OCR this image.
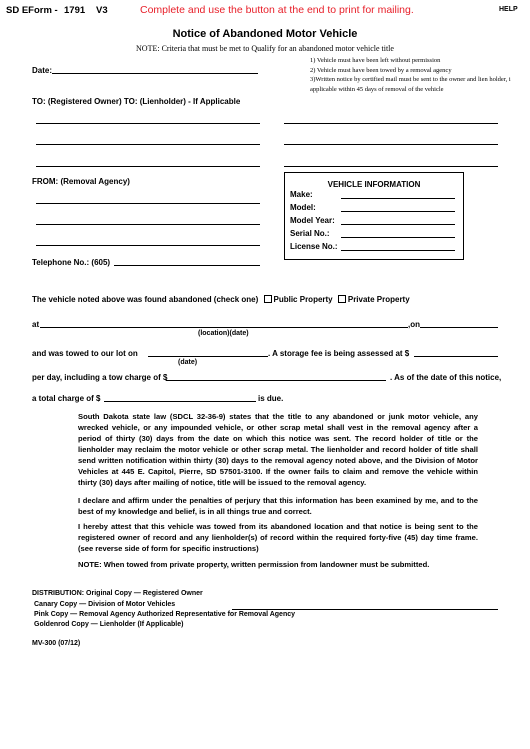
SD EForm - 1791 V3	Complete and use the button at the end to print for mailing.	HELP
Notice of Abandoned Motor Vehicle
NOTE: Criteria that must be met to Qualify for an abandoned motor vehicle title
1) Vehicle must have been left without permission
2) Vehicle must have been towed by a removal agency
3)Written notice by certified mail must be sent to the owner and lien holder, i
applicable within 45 days of removal of the vehicle
Date:
TO: (Registered Owner) TO: (Lienholder) - If Applicable
FROM: (Removal Agency)
Telephone No.: (605)
VEHICLE INFORMATION
Make:
Model:
Model Year:
Serial No.:
License No.:
The vehicle noted above was found abandoned (check one) Public Property Private Property
at	,on
(location)(date)
and was towed to our lot on	. A storage fee is being assessed at $
(date)
per day, including a tow charge of $	. As of the date of this notice,
a total charge of $	is due.
South Dakota state law (SDCL 32-36-9) states that the title to any abandoned or junk motor vehicle, any wrecked vehicle, or any impounded vehicle, or other scrap metal shall vest in the removal agency after a period of thirty (30) days from the date on which this notice was sent. The record holder of title or the lienholder may reclaim the motor vehicle or other scrap metal. The lienholder and record holder of title shall send written notification within thirty (30) days to the removal agency noted above, and the Division of Motor Vehicles at 445 E. Capitol, Pierre, SD 57501-3100. If the owner fails to claim and remove the vehicle within thirty (30) days after mailing of notice, title will be issued to the removal agency.
I declare and affirm under the penalties of perjury that this information has been examined by me, and to the best of my knowledge and belief, is in all things true and correct.
I hereby attest that this vehicle was towed from its abandoned location and that notice is being sent to the registered owner of record and any lienholder(s) of record within the required forty-five (45) day time frame. (see reverse side of form for specific instructions)
NOTE: When towed from private property, written permission from landowner must be submitted.
DISTRIBUTION: Original Copy — Registered Owner
Canary Copy — Division of Motor Vehicles
Pink Copy — Removal Agency Authorized Representative for Removal Agency
Goldenrod Copy — Lienholder (If Applicable)
MV-300 (07/12)
